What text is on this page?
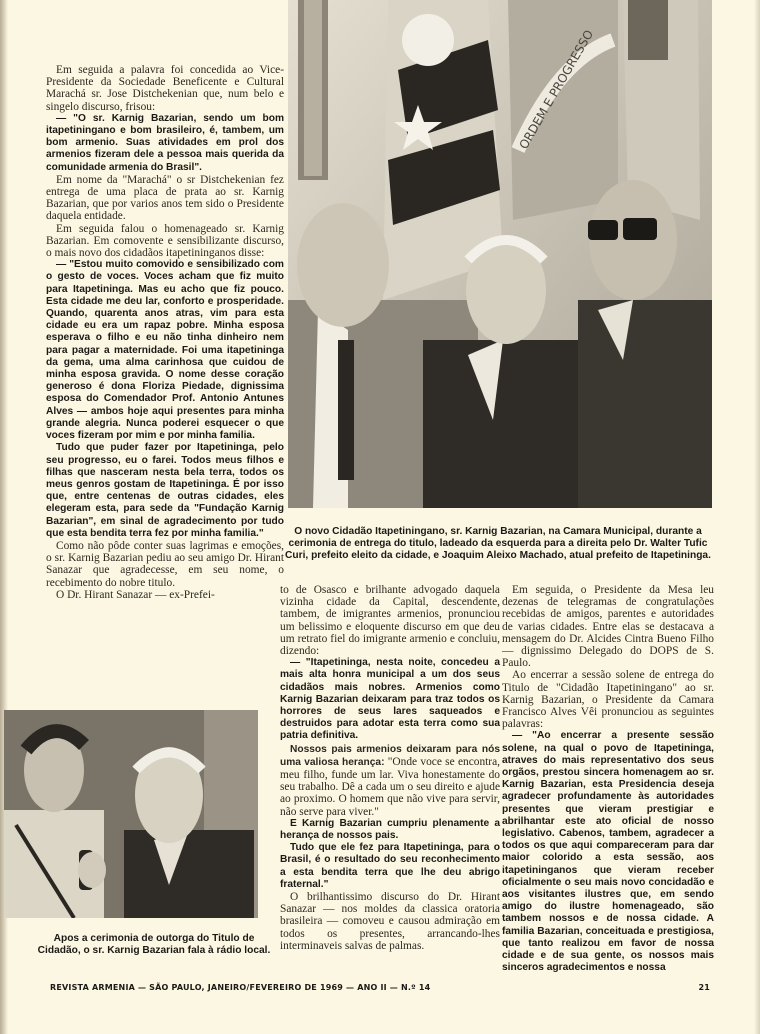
Em seguida a palavra foi concedida ao Vice-Presidente da Sociedade Beneficente e Cultural Marachá sr. Jose Distchekenian que, num belo e singelo discurso, frisou:

— "O sr. Karnig Bazarian, sendo um bom itapetiningano e bom brasileiro, é, tambem, um bom armenio. Suas atividades em prol dos armenios fizeram dele a pessoa mais querida da comunidade armenia do Brasil".

Em nome da "Marachá" o sr Distchekenian fez entrega de uma placa de prata ao sr. Karnig Bazarian, que por varios anos tem sido o Presidente daquela entidade.

Em seguida falou o homenageado sr. Karnig Bazarian. Em comovente e sensibilizante discurso, o mais novo dos cidadãos itapetininganos disse:

— "Estou muito comovido e sensibilizado com o gesto de voces. Voces acham que fiz muito para Itapetininga. Mas eu acho que fiz pouco. Esta cidade me deu lar, conforto e prosperidade. Quando, quarenta anos atras, vim para esta cidade eu era um rapaz pobre. Minha esposa esperava o filho e eu não tinha dinheiro nem para pagar a maternidade. Foi uma itapetininga da gema, uma alma carinhosa que cuidou de minha esposa gravida. O nome desse coração generoso é dona Floriza Piedade, dignissima esposa do Comendador Prof. Antonio Antunes Alves — ambos hoje aqui presentes para minha grande alegria. Nunca poderei esquecer o que voces fizeram por mim e por minha familia.

Tudo que puder fazer por Itapetininga, pelo seu progresso, eu o farei. Todos meus filhos e filhas que nasceram nesta bela terra, todos os meus genros gostam de Itapetininga. É por isso que, entre centenas de outras cidades, eles elegeram esta, para sede da "Fundação Karnig Bazarian", em sinal de agradecimento por tudo que esta bendita terra fez por minha familia."

Como não pôde conter suas lagrimas e emoções, o sr. Karnig Bazarian pediu ao seu amigo Dr. Hirant Sanazar que agradecesse, em seu nome, o recebimento do nobre titulo.

O Dr. Hirant Sanazar — ex-Prefei-

ORDEM E PROGRESSO
O novo Cidadão Itapetiningano, sr. Karnig Bazarian, na Camara Municipal, durante a cerimonia de entrega do titulo, ladeado da esquerda para a direita pelo Dr. Walter Tufic Curi, prefeito eleito da cidade, e Joaquim Aleixo Machado, atual prefeito de Itapetininga.

to de Osasco e brilhante advogado daquela vizinha cidade da Capital, descendente, tambem, de imigrantes armenios, pronunciou um belissimo e eloquente discurso em que deu um retrato fiel do imigrante armenio e concluiu, dizendo:

— "Itapetininga, nesta noite, concedeu a mais alta honra municipal a um dos seus cidadãos mais nobres. Armenios como Karnig Bazarian deixaram para traz todos os horrores de seus lares saqueados e destruidos para adotar esta terra como sua patria definitiva.

Nossos pais armenios deixaram para nós uma valiosa herança: "Onde voce se encontra, meu filho, funde um lar. Viva honestamente do seu trabalho. Dê a cada um o seu direito e ajude ao proximo. O homem que não vive para servir, não serve para viver."

E Karnig Bazarian cumpriu plenamente a herança de nossos pais.

Tudo que ele fez para Itapetininga, para o Brasil, é o resultado do seu reconhecimento a esta bendita terra que lhe deu abrigo fraternal."

O brilhantissimo discurso do Dr. Hirant Sanazar — nos moldes da classica oratoria brasileira — comoveu e causou admiração em todos os presentes, arrancando-lhes interminaveis salvas de palmas.

Em seguida, o Presidente da Mesa leu dezenas de telegramas de congratulações recebidas de amigos, parentes e autoridades de varias cidades. Entre elas se destacava a mensagem do Dr. Alcides Cintra Bueno Filho — dignissimo Delegado do DOPS de S. Paulo.

Ao encerrar a sessão solene de entrega do Titulo de "Cidadão Itapetiningano" ao sr. Karnig Bazarian, o Presidente da Camara Francisco Alves Vêi pronunciou as seguintes palavras:

— "Ao encerrar a presente sessão solene, na qual o povo de Itapetininga, atraves do mais representativo dos seus orgãos, prestou sincera homenagem ao sr. Karnig Bazarian, esta Presidencia deseja agradecer profundamente às autoridades presentes que vieram prestigiar e abrilhantar este ato oficial de nosso legislativo. Cabenos, tambem, agradecer a todos os que aqui compareceram para dar maior colorido a esta sessão, aos itapetininganos que vieram receber oficialmente o seu mais novo concidadão e aos visitantes ilustres que, em sendo amigo do ilustre homenageado, são tambem nossos e de nossa cidade. A familia Bazarian, conceituada e prestigiosa, que tanto realizou em favor de nossa cidade e de sua gente, os nossos mais sinceros agradecimentos e nossa

Apos a cerimonia de outorga do Titulo de Cidadão, o sr. Karnig Bazarian fala à rádio local.
REVISTA ARMENIA — SÃO PAULO, JANEIRO/FEVEREIRO DE 1969 — ANO II — N.º 14	21
